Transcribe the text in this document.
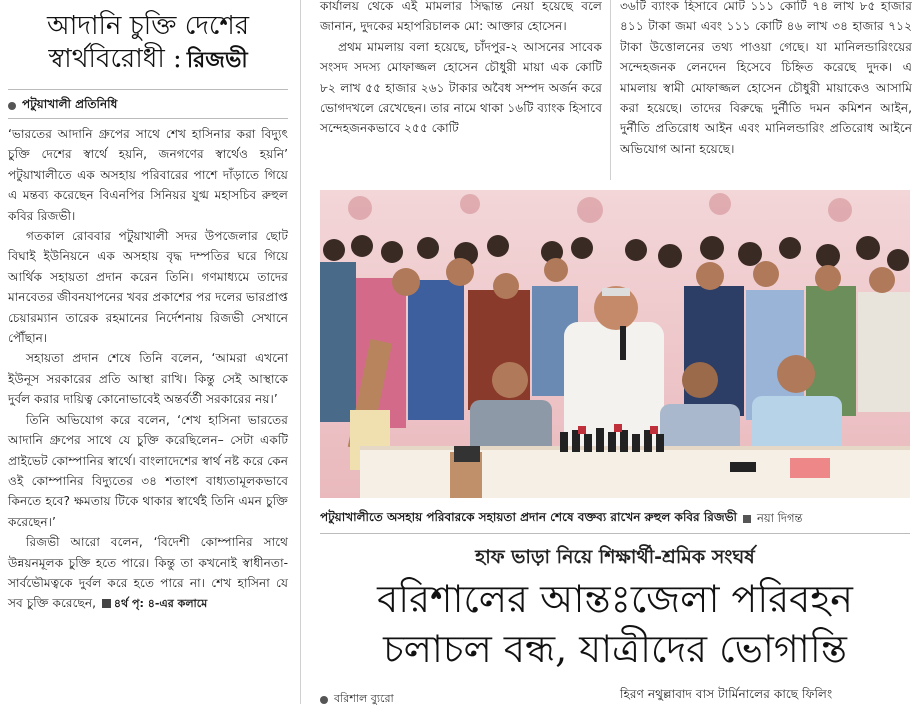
আদানি চুক্তি দেশের
স্বার্থবিরোধী : রিজভী
পটুয়াখালী প্রতিনিধি

‘ভারতের আদানি গ্রুপের সাথে শেখ হাসিনার করা বিদ্যুৎ চুক্তি দেশের স্বার্থে হয়নি, জনগণের স্বার্থেও হয়নি’ পটুয়াখালীতে এক অসহায় পরিবারের পাশে দাঁড়াতে গিয়ে এ মন্তব্য করেছেন বিএনপির সিনিয়র যুগ্ম মহাসচিব রুহুল কবির রিজভী।

গতকাল রোববার পটুয়াখালী সদর উপজেলার ছোট বিঘাই ইউনিয়নে এক অসহায় বৃদ্ধ দম্পতির ঘরে গিয়ে আর্থিক সহায়তা প্রদান করেন তিনি। গণমাধ্যমে তাদের মানবেতর জীবনযাপনের খবর প্রকাশের পর দলের ভারপ্রাপ্ত চেয়ারম্যান তারেক রহমানের নির্দেশনায় রিজভী সেখানে পৌঁছান।

সহায়তা প্রদান শেষে তিনি বলেন, ‘আমরা এখনো ইউনূস সরকারের প্রতি আস্থা রাখি। কিন্তু সেই আস্থাকে দুর্বল করার দায়িত্ব কোনোভাবেই অন্তর্বর্তী সরকারের নয়।’

তিনি অভিযোগ করে বলেন, ‘শেখ হাসিনা ভারতের আদানি গ্রুপের সাথে যে চুক্তি করেছিলেন– সেটা একটি প্রাইভেট কোম্পানির স্বার্থে। বাংলাদেশের স্বার্থ নষ্ট করে কেন ওই কোম্পানির বিদ্যুতের ৩৪ শতাংশ বাধ্যতামূলকভাবে কিনতে হবে? ক্ষমতায় টিকে থাকার স্বার্থেই তিনি এমন চুক্তি করেছেন।’

রিজভী আরো বলেন, ‘বিদেশী কোম্পানির সাথে উন্নয়নমূলক চুক্তি হতে পারে। কিন্তু তা কখনোই স্বাধীনতা-সার্বভৌমত্বকে দুর্বল করে হতে পারে না। শেখ হাসিনা যে সব চুক্তি করেছেন, ৪র্থ পৃ: ৪-এর কলামে

কার্যালয় থেকে এই মামলার সিদ্ধান্ত নেয়া হয়েছে বলে জানান, দুদকের মহাপরিচালক মো: আক্তার হোসেন।

প্রথম মামলায় বলা হয়েছে, চাঁদপুর-২ আসনের সাবেক সংসদ সদস্য মোফাজ্জল হোসেন চৌধুরী মায়া এক কোটি ৮২ লাখ ৫৫ হাজার ২৬১ টাকার অবৈধ সম্পদ অর্জন করে ভোগদখলে রেখেছেন। তার নামে থাকা ১৬টি ব্যাংক হিসাবে সন্দেহজনকভাবে ২৫৫ কোটি

৩৬টি ব্যাংক হিসাবে মোট ১১১ কোটি ৭৪ লাখ ৮৫ হাজার ৪১১ টাকা জমা এবং ১১১ কোটি ৪৬ লাখ ৩৪ হাজার ৭১২ টাকা উত্তোলনের তথ্য পাওয়া গেছে। যা মানিলন্ডারিংয়ের সন্দেহজনক লেনদেন হিসেবে চিহ্নিত করেছে দুদক। এ মামলায় স্বামী মোফাজ্জল হোসেন চৌধুরী মায়াকেও আসামি করা হয়েছে। তাদের বিরুদ্ধে দুর্নীতি দমন কমিশন আইন, দুর্নীতি প্রতিরোধ আইন এবং মানিলন্ডারিং প্রতিরোধ আইনে অভিযোগ আনা হয়েছে।

পটুয়াখালীতে অসহায় পরিবারকে সহায়তা প্রদান শেষে বক্তব্য রাখেন রুহুল কবির রিজভী নয়া দিগন্ত
হাফ ভাড়া নিয়ে শিক্ষার্থী-শ্রমিক সংঘর্ষ
বরিশালের আন্তঃজেলা পরিবহন
চলাচল বন্ধ, যাত্রীদের ভোগান্তি
বরিশাল ব্যুরো	হিরণ নথুল্লাবাদ বাস টার্মিনালের কাছে ফিলিং
